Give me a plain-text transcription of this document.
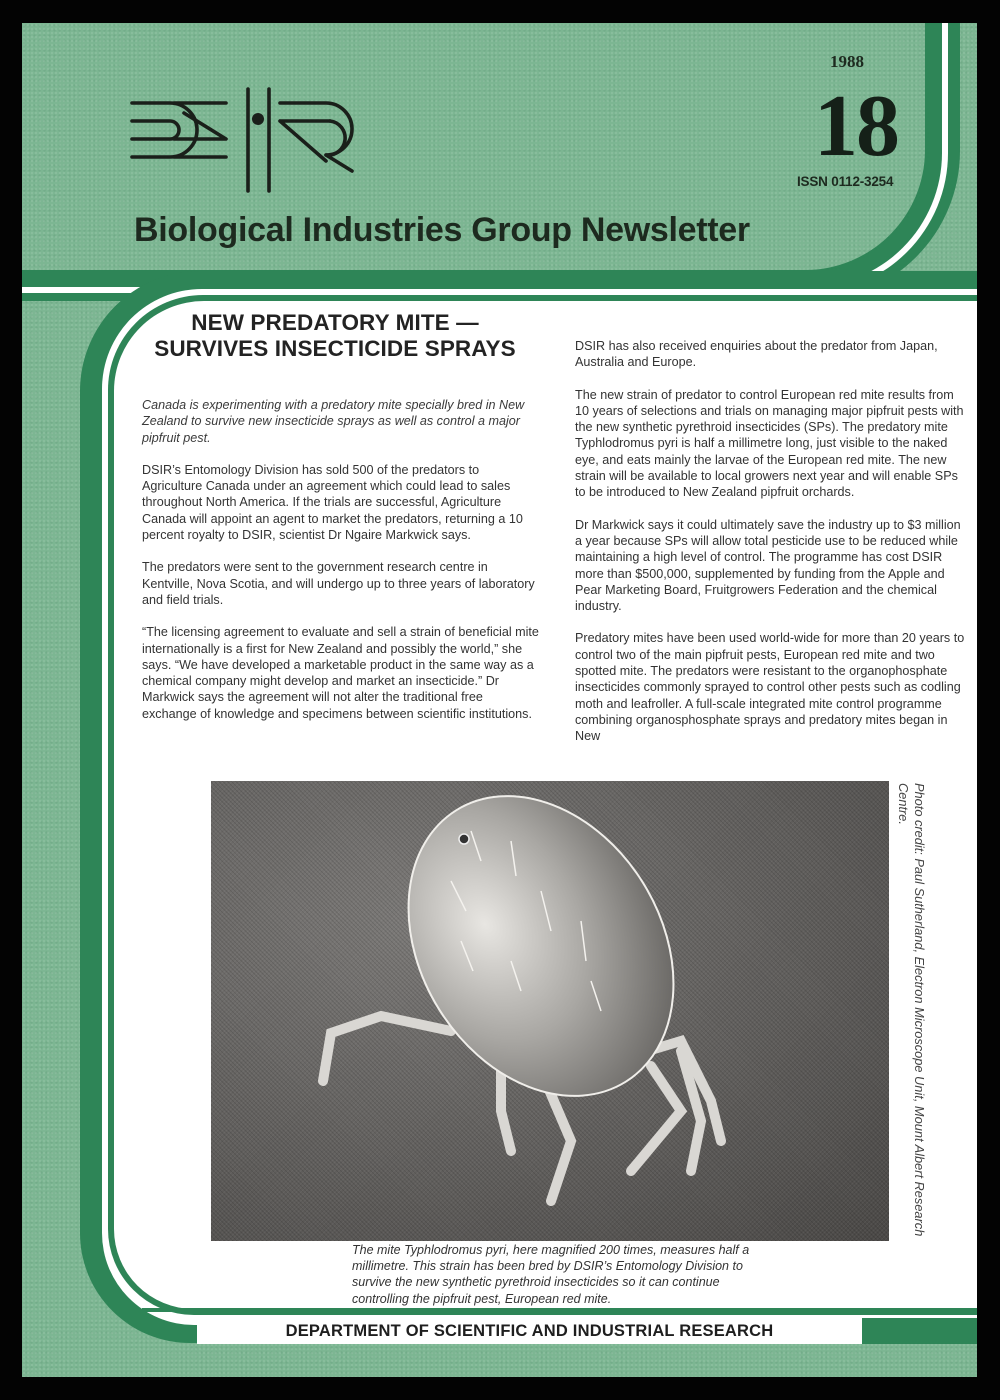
Biological Industries Group Newsletter
1988
18
ISSN 0112-3254
NEW PREDATORY MITE —
SURVIVES INSECTICIDE SPRAYS

Canada is experimenting with a predatory mite specially bred in New Zealand to survive new insecticide sprays as well as control a major pipfruit pest.

DSIR’s Entomology Division has sold 500 of the predators to Agriculture Canada under an agreement which could lead to sales throughout North America. If the trials are successful, Agriculture Canada will appoint an agent to market the predators, returning a 10 percent royalty to DSIR, scientist Dr Ngaire Markwick says.

The predators were sent to the government research centre in Kentville, Nova Scotia, and will undergo up to three years of laboratory and field trials.

“The licensing agreement to evaluate and sell a strain of beneficial mite internationally is a first for New Zealand and possibly the world,” she says. “We have developed a marketable product in the same way as a chemical company might develop and market an insecticide.” Dr Markwick says the agreement will not alter the traditional free exchange of knowledge and specimens between scientific institutions.

DSIR has also received enquiries about the predator from Japan, Australia and Europe.

The new strain of predator to control European red mite results from 10 years of selections and trials on managing major pipfruit pests with the new synthetic pyrethroid insecticides (SPs). The predatory mite Typhlodromus pyri is half a millimetre long, just visible to the naked eye, and eats mainly the larvae of the European red mite. The new strain will be available to local growers next year and will enable SPs to be introduced to New Zealand pipfruit orchards.

Dr Markwick says it could ultimately save the industry up to $3 million a year because SPs will allow total pesticide use to be reduced while maintaining a high level of control. The programme has cost DSIR more than $500,000, supplemented by funding from the Apple and Pear Marketing Board, Fruitgrowers Federation and the chemical industry.

Predatory mites have been used world-wide for more than 20 years to control two of the main pipfruit pests, European red mite and two spotted mite. The predators were resistant to the organophosphate insecticides commonly sprayed to control other pests such as codling moth and leafroller. A full-scale integrated mite control programme combining organosphosphate sprays and predatory mites began in New

Photo credit: Paul Sutherland, Electron Microscope Unit, Mount Albert Research Centre.
The mite Typhlodromus pyri, here magnified 200 times, measures half a millimetre. This strain has been bred by DSIR’s Entomology Division to survive the new synthetic pyrethroid insecticides so it can continue controlling the pipfruit pest, European red mite.
DEPARTMENT OF SCIENTIFIC AND INDUSTRIAL RESEARCH
